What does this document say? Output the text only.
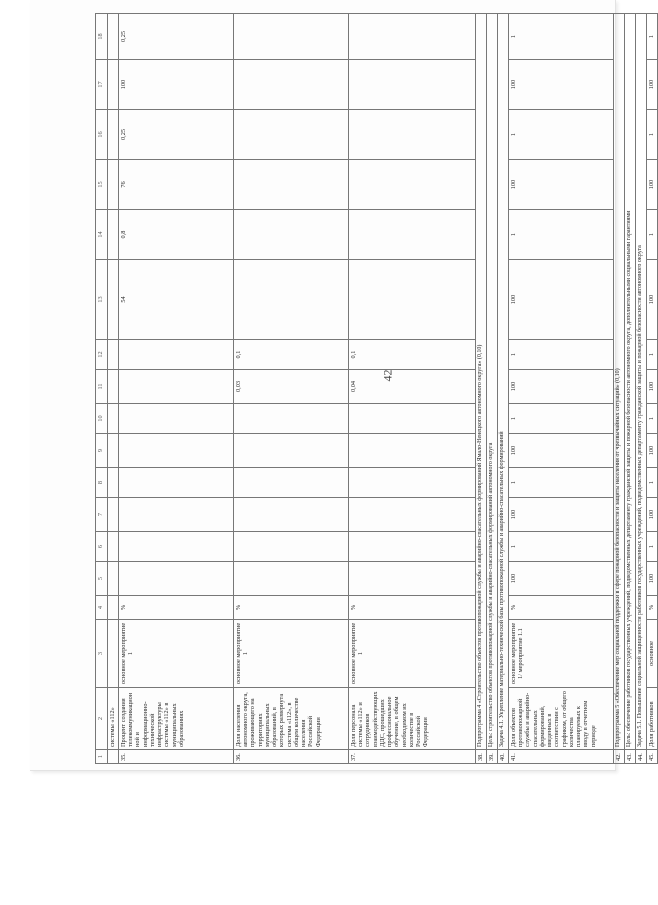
42
1	2	3	4	5	6	7	8	9	10	11	12	13	14	15	16	17	18
	системы «112»																
35.	Процент создания телекоммуникационной и информационно-технической инфраструктуры системы «112» в муниципальных образованиях	основное мероприятие 1	%									54	0,8	76	0,25	100	0,25
36.	Доля населения автономного округа, проживающего на территориях муниципальных образований, в которых развернута система «112», в общем количестве населения Российской Федерации	основное мероприятие 1	%							0,03	0,1						
37.	Доля персонала системы «112» и сотрудников взаимодействующих ДДС, прошедших профессиональное обучение, в общем необходимом их количестве в Российской Федерации	основное мероприятие 1	%							0,04	0,1						
38.	Подпрограмма 4 «Строительство объектов противопожарной службы и аварийно-спасательных формирований Ямало-Ненецкого автономного округа» (0,10)																
39.	Цель: строительство объектов противопожарной службы и аварийно-спасательных формирований автономного округа																
40.	Задача 4.1. Укрепление материально-технической базы противопожарной службы и аварийно-спасательных формирований																
41.	Доля объектов противопожарной службы и аварийно-спасательных формирований, введенных в соответствии с графиком, от общего количества планируемых к вводу в отчетном периоде	основное мероприятие 1/ мероприятие 1.1	%	100	1	100	1	100	1	100	1	100	1	100	1	100	1
42.	Подпрограмма 5 «Обеспечение мер социальной поддержки в сфере пожарной безопасности и защиты населения от чрезвычайных ситуаций» (0,10)																
43.	Цель: обеспечение работников государственных учреждений, подведомственных департаменту гражданской защиты и пожарной безопасности автономного округа, дополнительными социальными гарантиями																
44.	Задача 5.1. Повышение социальной защищенности работников государственных учреждений, подведомственных департаменту гражданской защиты и пожарной безопасности автономного округа																
45.	Доля работников	основное	%	100	1	100	1	100	1	100	1	100	1	100	1	100	1
